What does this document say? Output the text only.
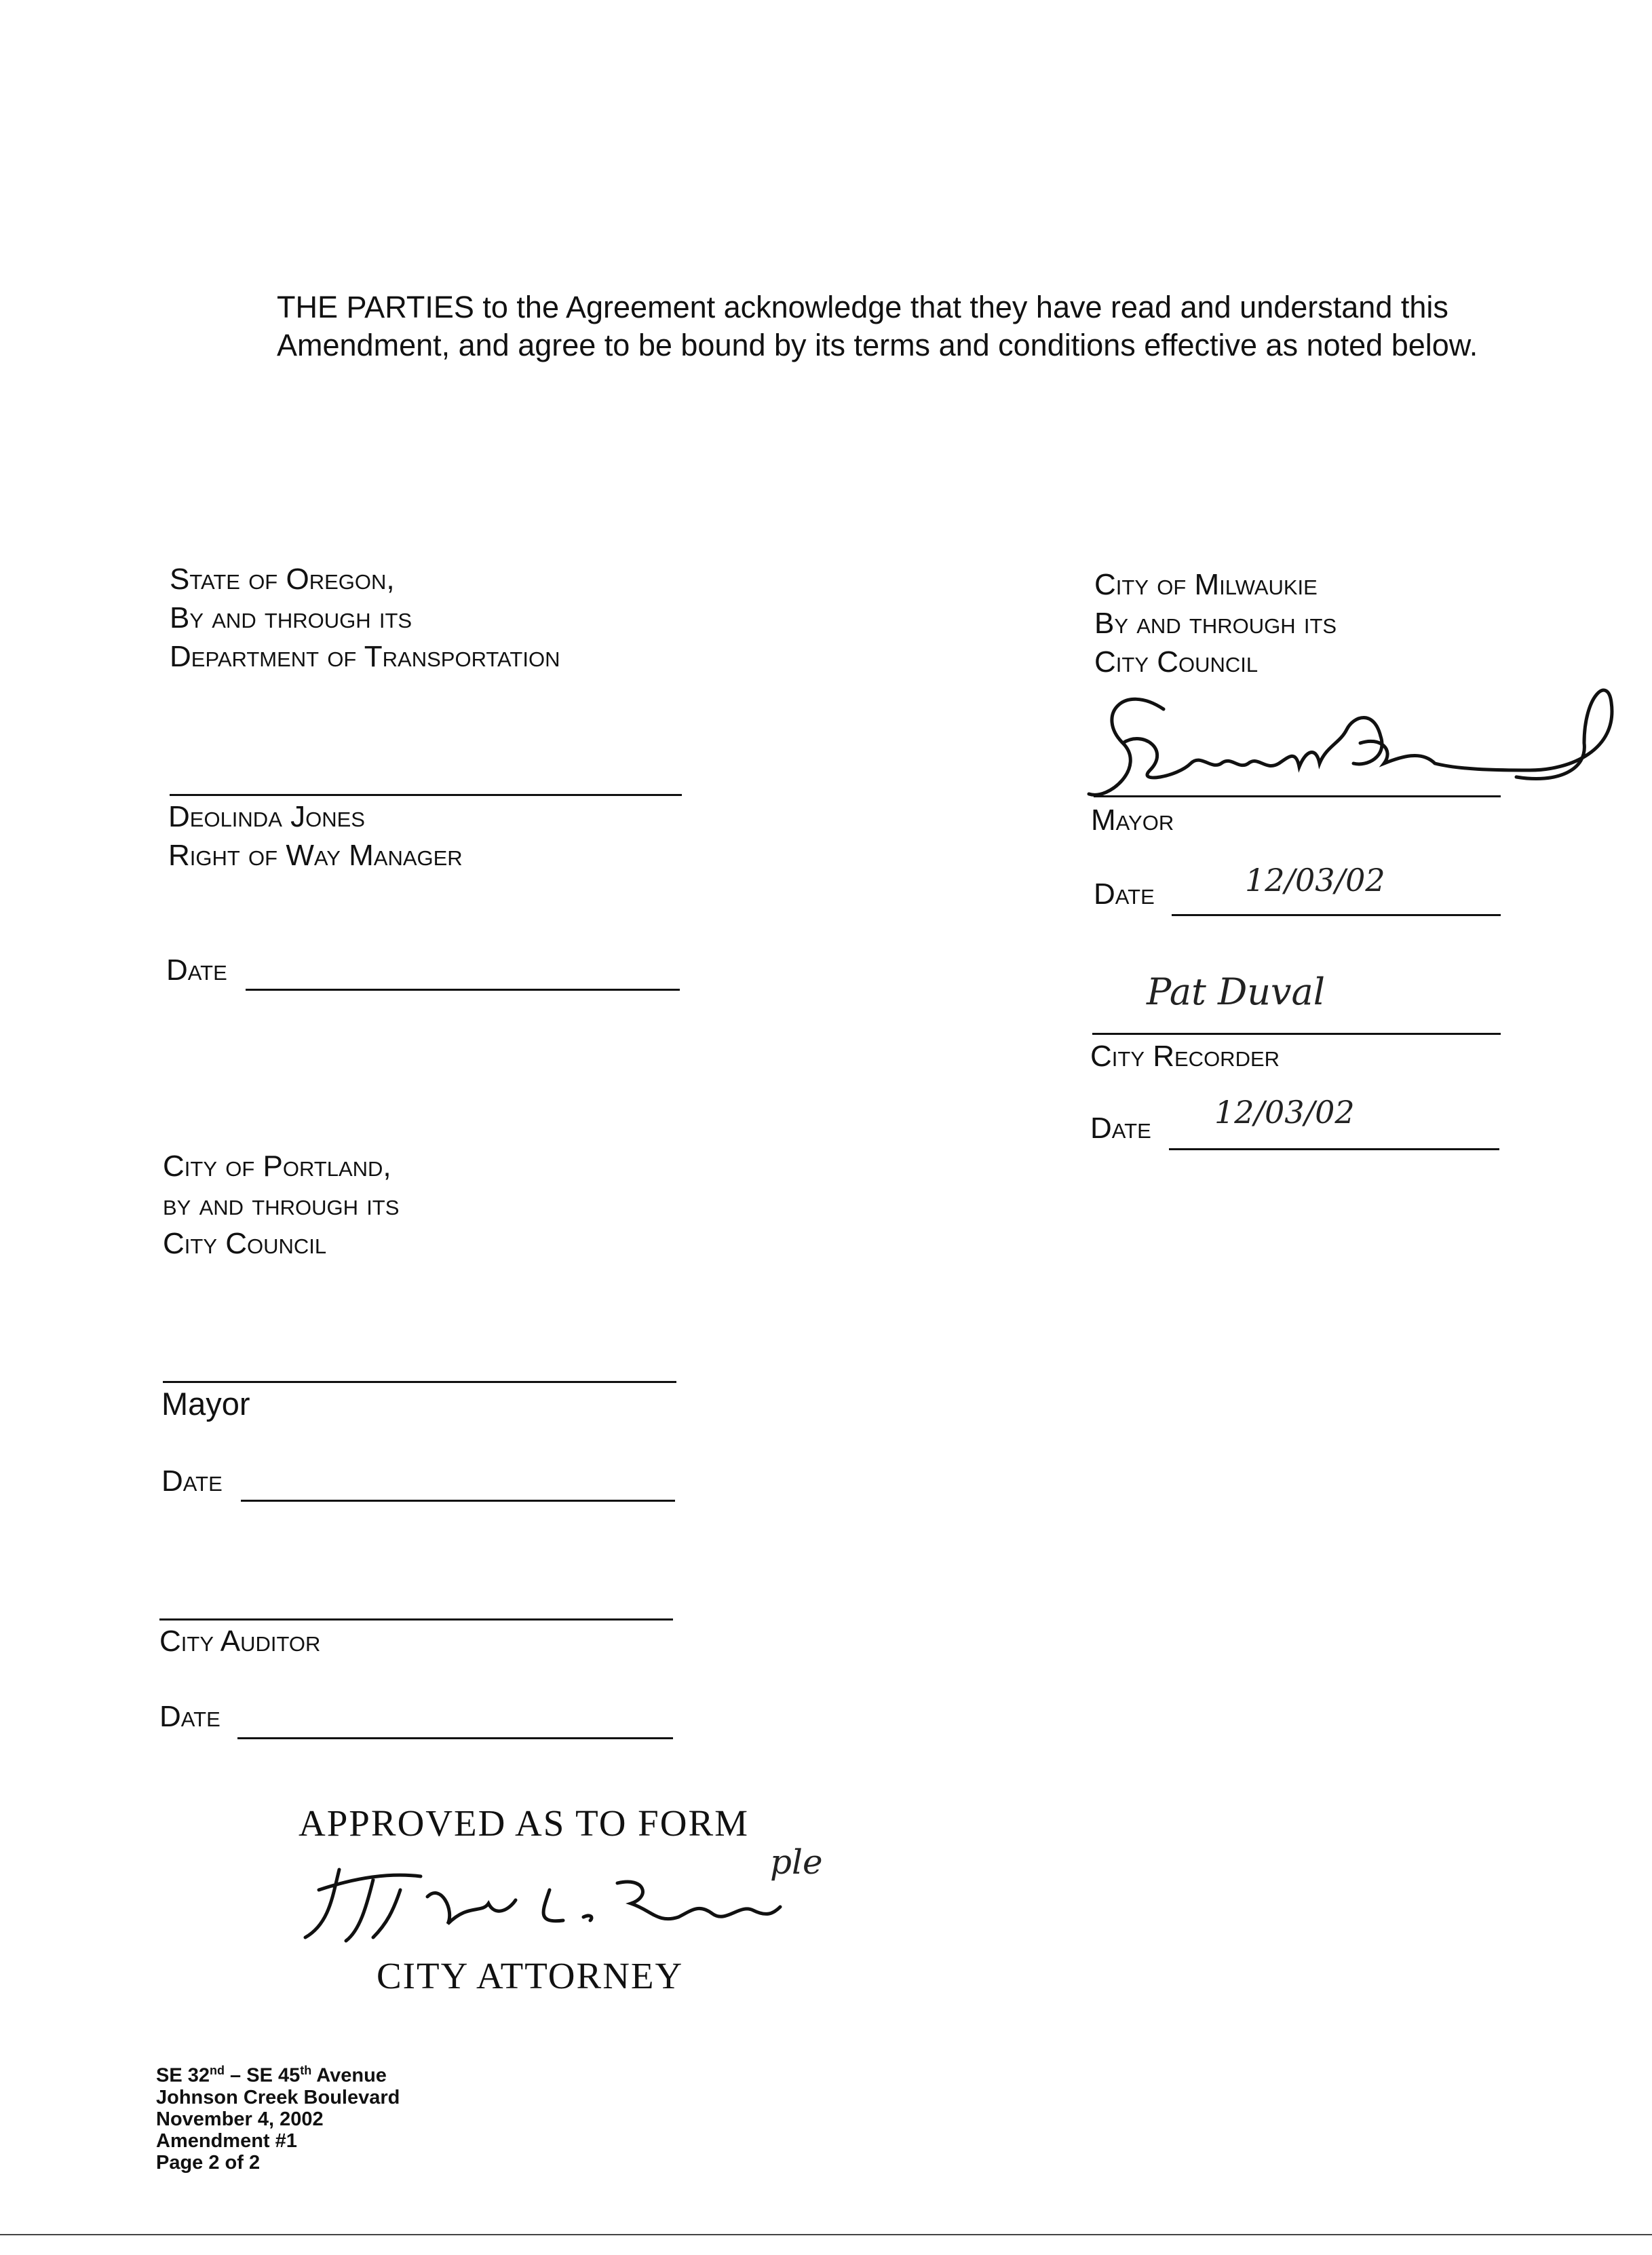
THE PARTIES to the Agreement acknowledge that they have read and understand this Amendment, and agree to be bound by its terms and conditions effective as noted below.
State of Oregon,
By and through its
Department of Transportation
Deolinda Jones
Right of Way Manager
Date
City of Milwaukie
By and through its
City Council
Mayor
Date	12/03/02
Pat Duval
City Recorder
Date 12/03/02
City of Portland,
by and through its
City Council
Mayor
Date
City Auditor
Date
APPROVED AS TO FORM
ple
CITY ATTORNEY
SE 32nd – SE 45th Avenue
Johnson Creek Boulevard
November 4, 2002
Amendment #1
Page 2 of 2
